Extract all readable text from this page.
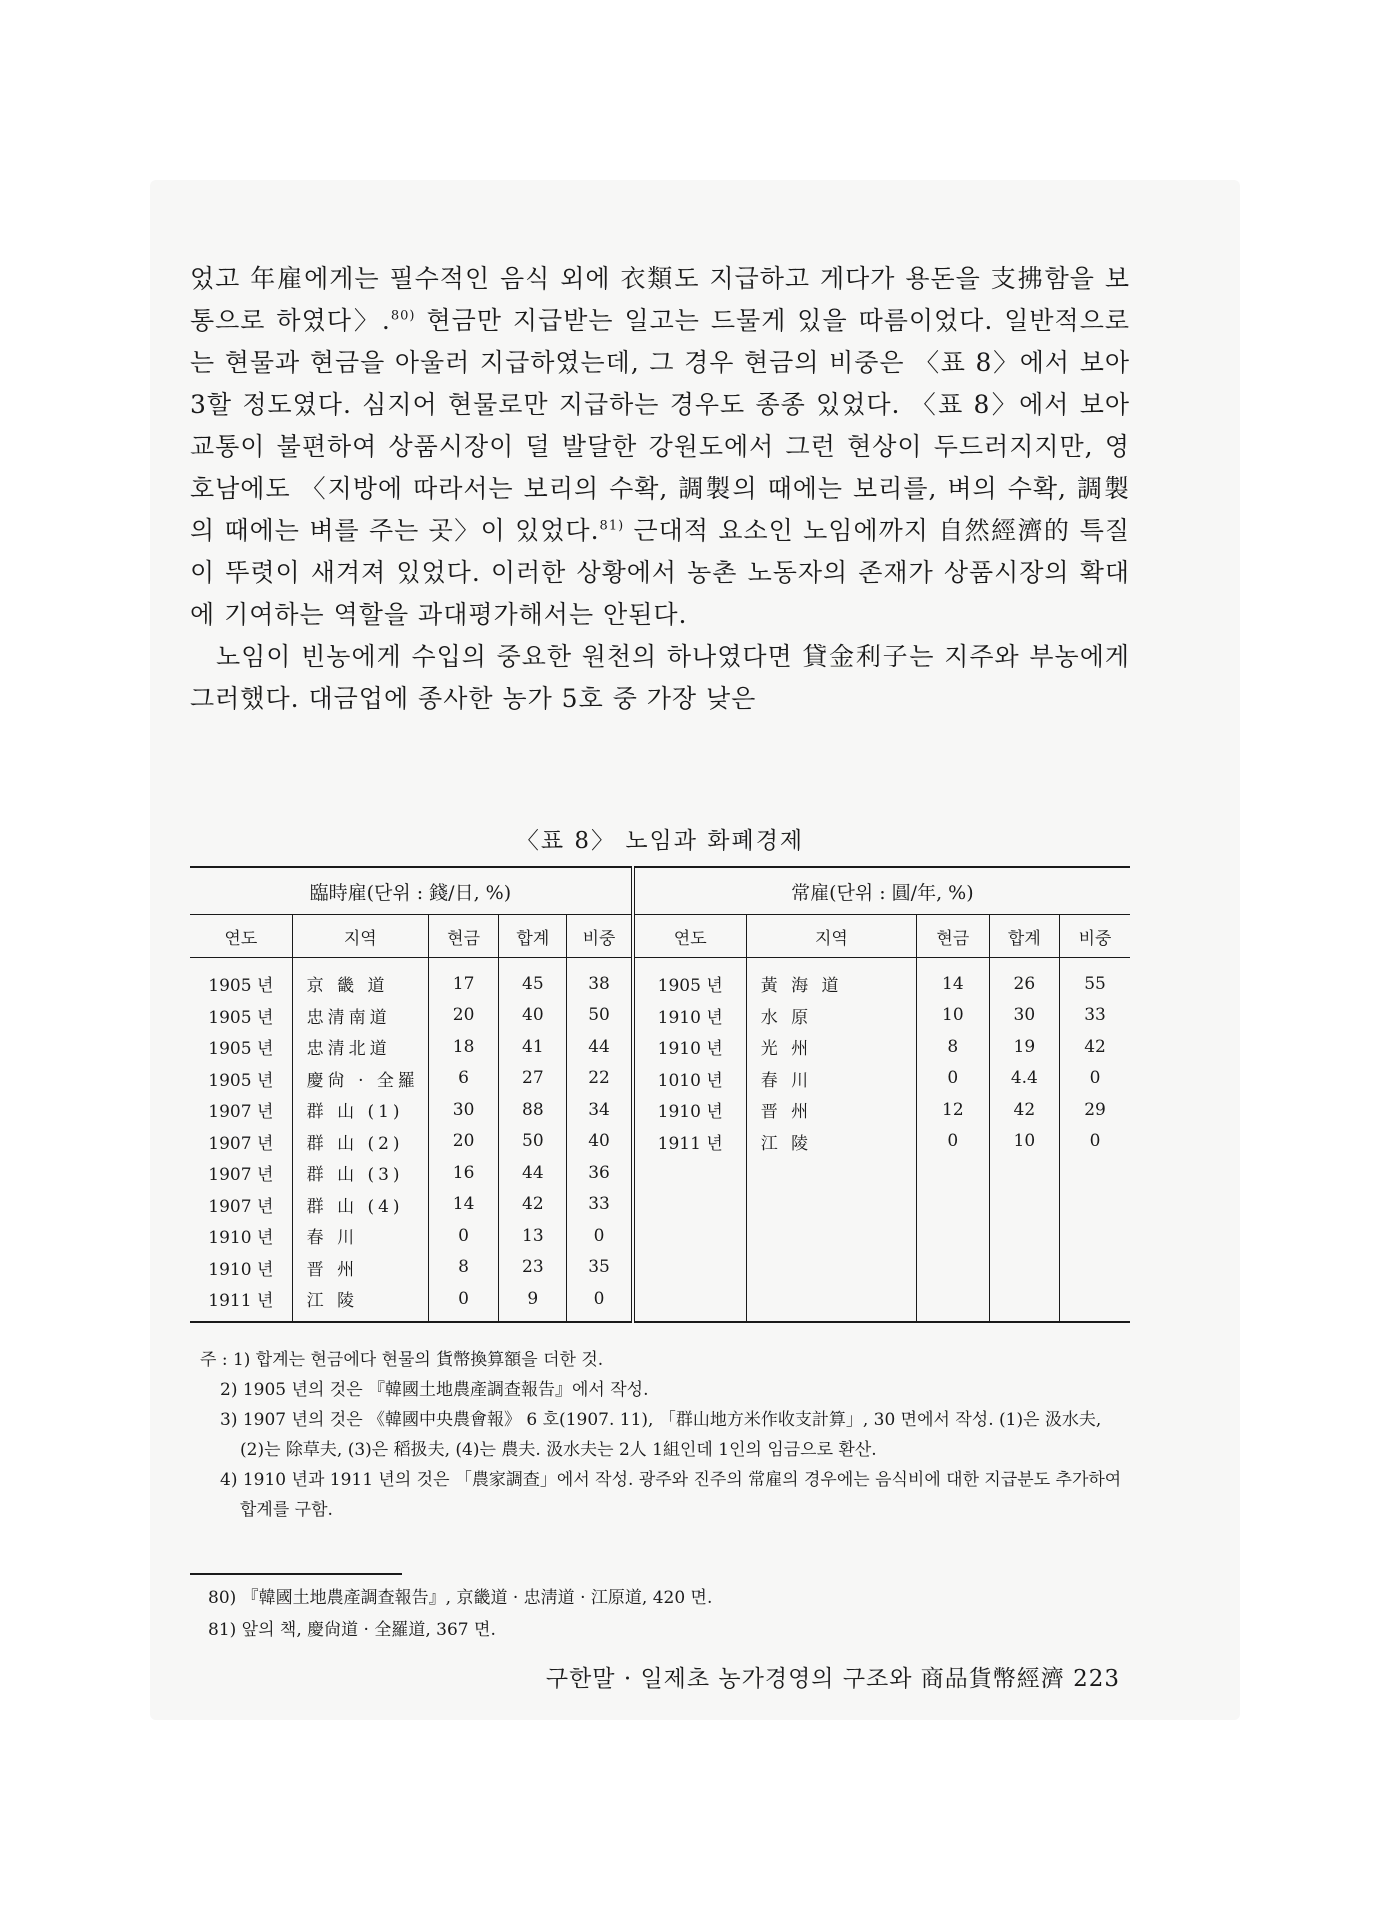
었고 年雇에게는 필수적인 음식 외에 衣類도 지급하고 게다가 용돈을 支拂함을 보통으로 하였다〉.$^{80)}$ 현금만 지급받는 일고는 드물게 있을 따름이었다. 일반적으로는 현물과 현금을 아울러 지급하였는데, 그 경우 현금의 비중은 〈표 8〉에서 보아 3할 정도였다. 심지어 현물로만 지급하는 경우도 종종 있었다. 〈표 8〉에서 보아 교통이 불편하여 상품시장이 덜 발달한 강원도에서 그런 현상이 두드러지지만, 영호남에도 〈지방에 따라서는 보리의 수확, 調製의 때에는 보리를, 벼의 수확, 調製의 때에는 벼를 주는 곳〉이 있었다.$^{81)}$ 근대적 요소인 노임에까지 自然經濟的 특질이 뚜렷이 새겨져 있었다. 이러한 상황에서 농촌 노동자의 존재가 상품시장의 확대에 기여하는 역할을 과대평가해서는 안된다.

노임이 빈농에게 수입의 중요한 원천의 하나였다면 貸金利子는 지주와 부농에게 그러했다. 대금업에 종사한 농가 5호 중 가장 낮은

〈표 8〉 노임과 화폐경제
臨時雇(단위 : 錢/日, %)					常雇(단위 : 圓/年, %)				
연도	지역	현금	합계	비중	연도	지역	현금	합계	비중
1905 년	京 畿 道	17	45	38	1905 년	黃 海 道	14	26	55
1905 년	忠清南道	20	40	50	1910 년	水 原	10	30	33
1905 년	忠清北道	18	41	44	1910 년	光 州	8	19	42
1905 년	慶尙 · 全羅	6	27	22	1010 년	春 川	0	4.4	0
1907 년	群 山 (1)	30	88	34	1910 년	晋 州	12	42	29
1907 년	群 山 (2)	20	50	40	1911 년	江 陵	0	10	0
1907 년	群 山 (3)	16	44	36					
1907 년	群 山 (4)	14	42	33					
1910 년	春 川	0	13	0					
1910 년	晋 州	8	23	35					
1911 년	江 陵	0	9	0					
주 : 1) 합계는 현금에다 현물의 貨幣換算額을 더한 것.
2) 1905 년의 것은 『韓國土地農產調查報告』에서 작성.
3) 1907 년의 것은 《韓國中央農會報》 6 호(1907. 11), 「群山地方米作收支計算」, 30 면에서 작성. (1)은 汲水夫, (2)는 除草夫, (3)은 稻扱夫, (4)는 農夫. 汲水夫는 2人 1組인데 1인의 임금으로 환산.
4) 1910 년과 1911 년의 것은 「農家調查」에서 작성. 광주와 진주의 常雇의 경우에는 음식비에 대한 지급분도 추가하여 합계를 구함.
80) 『韓國土地農產調查報告』, 京畿道 · 忠淸道 · 江原道, 420 면.
81) 앞의 책, 慶尙道 · 全羅道, 367 면.
구한말 · 일제초 농가경영의 구조와 商品貨幣經濟 223
